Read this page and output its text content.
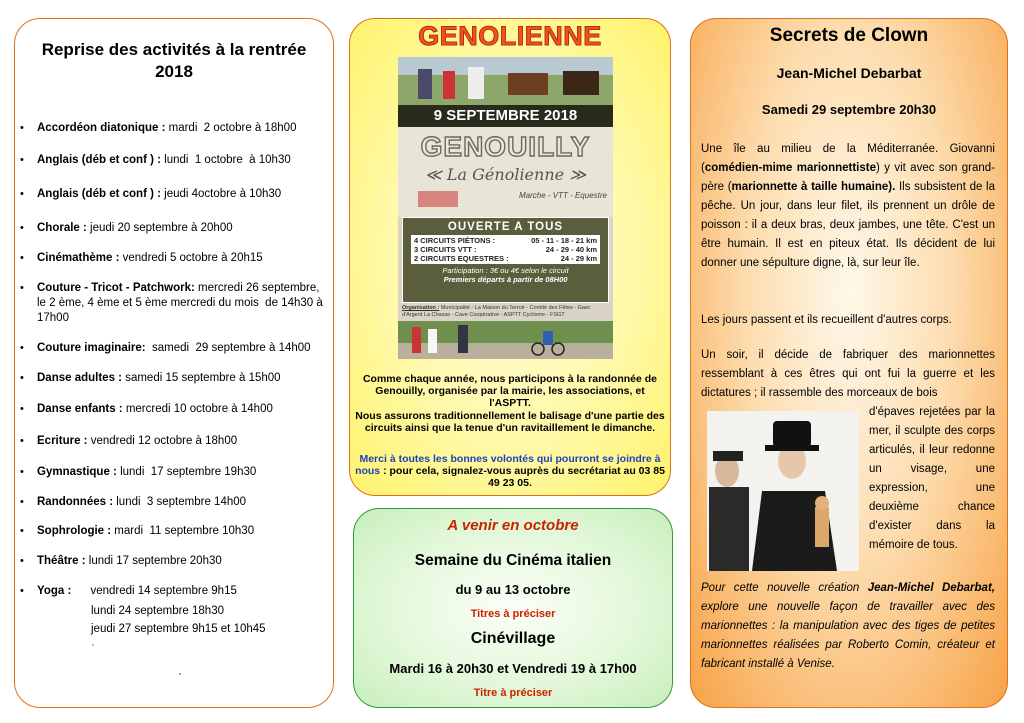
Reprise des activités à la rentrée
2018
• Accordéon diatonique : mardi  2 octobre à 18h00
• Anglais (déb et conf ) : lundi  1 octobre  à 10h30
• Anglais (déb et conf ) : jeudi 4octobre à 10h30
• Chorale : jeudi 20 septembre à 20h00
• Cinémathème : vendredi 5 octobre à 20h15
• Couture - Tricot - Patchwork: mercredi 26 septembre, le 2 ème, 4 ème et 5 ème mercredi du mois  de 14h30 à 17h00
• Couture imaginaire:  samedi  29 septembre à 14h00
• Danse adultes : samedi 15 septembre à 15h00
• Danse enfants : mercredi 10 octobre à 14h00
• Ecriture : vendredi 12 octobre à 18h00
• Gymnastique : lundi  17 septembre 19h30
• Randonnées : lundi  3 septembre 14h00
• Sophrologie : mardi  11 septembre 10h30
• Théâtre : lundi 17 septembre 20h30
• Yoga :      vendredi 14 septembre 9h15
lundi 24 septembre 18h30
jeudi 27 septembre 9h15 et 10h45
·
·
GENOLIENNE
9 SEPTEMBRE 2018
GENOUILLY
≪ La Génolienne ≫
Marche - VTT - Equestre
OUVERTE A TOUS
4 CIRCUITS PIÉTONS :	05 - 11 - 18 - 21 km
3 CIRCUITS VTT :	24 - 29 - 40 km
2 CIRCUITS EQUESTRES :	24 - 29 km
Participation : 3€ ou 4€ selon le circuit
Premiers départs à partir de 08H00
Organisation : Municipalité - La Maison du Terroir - Comité des Fêtes - Gaec d'Argent La Chasse - Cave Coopérative - ASPTT Cyclisme - FSGT
Comme chaque année, nous participons à la randonnée de Genouilly, organisée par la mairie, les associations, et l'ASPTT.
Nous assurons traditionnellement le balisage d'une partie des circuits ainsi que la tenue d'un ravitaillement le dimanche.
Merci à toutes les bonnes volontés qui pourront se joindre à nous : pour cela, signalez-vous auprès du secrétariat au 03 85 49 23 05.
A venir en octobre
Semaine du Cinéma italien
du 9 au 13 octobre
Titres à préciser
Cinévillage
Mardi 16 à 20h30 et Vendredi 19 à 17h00
Titre à préciser
Secrets de Clown
Jean-Michel Debarbat
Samedi 29 septembre 20h30
Une île au milieu de la Méditerranée. Giovanni (comédien-mime marionnettiste) y vit avec son grand-père (marionnette à taille humaine). Ils subsistent de la pêche. Un jour, dans leur filet, ils prennent un drôle de poisson : il a deux bras, deux jambes, une tête. C'est un être humain. Il est en piteux état. Ils décident de lui donner une sépulture digne, là, sur leur île.
Les jours passent et ils recueillent d'autres corps.
Un soir, il décide de fabriquer des marionnettes ressemblant à ces êtres qui ont fui la guerre et les dictatures ; il rassemble des morceaux de bois
d'épaves rejetées par la mer, il sculpte des corps articulés, il leur redonne un visage, une expression, une deuxième chance d'exister dans la mémoire de tous.
Pour cette nouvelle création Jean-Michel Debarbat, explore une nouvelle façon de travailler avec des marionnettes : la manipulation avec des tiges de petites marionnettes réalisées par Roberto Comin, créateur et fabricant installé à Venise.
